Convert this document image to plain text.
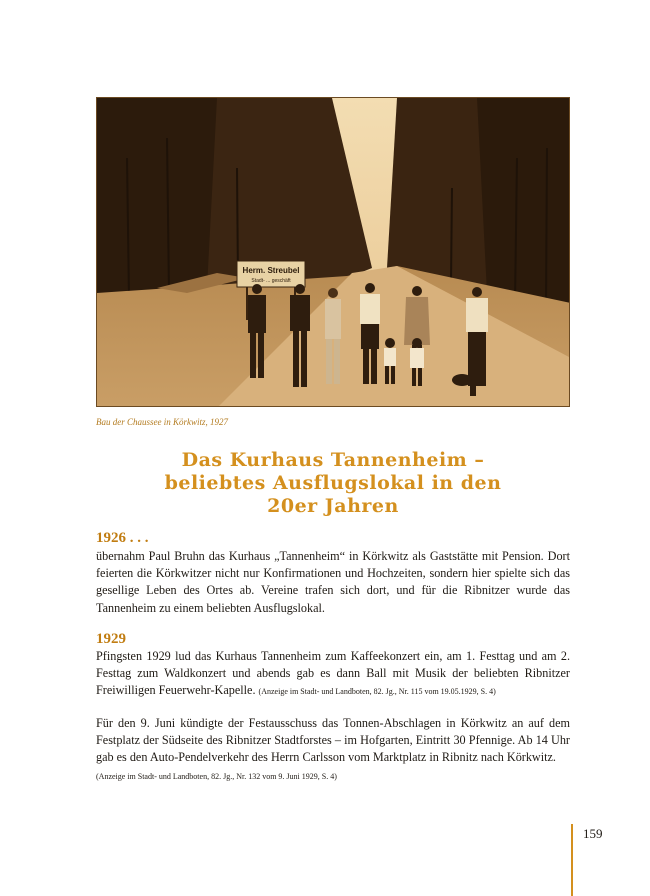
Herm. Streubel
Stadt- ... geschäft
Bau der Chaussee in Körkwitz, 1927
Das Kurhaus Tannenheim –
beliebtes Ausflugslokal in den
20er Jahren
1926 . . .
übernahm Paul Bruhn das Kurhaus „Tannenheim“ in Körkwitz als Gaststätte mit Pension. Dort feierten die Körkwitzer nicht nur Konfirmationen und Hochzeiten, sondern hier spielte sich das gesellige Leben des Ortes ab. Vereine trafen sich dort, und für die Ribnitzer wurde das Tannenheim zu einem beliebten Ausflugslokal.
1929
Pfingsten 1929 lud das Kurhaus Tannenheim zum Kaffeekonzert ein, am 1. Festtag und am 2. Festtag zum Waldkonzert und abends gab es dann Ball mit Musik der beliebten Ribnitzer Freiwilligen Feuerwehr-Kapelle. (Anzeige im Stadt- und Landboten, 82. Jg., Nr. 115 vom 19.05.1929, S. 4)
Für den 9. Juni kündigte der Festausschuss das Tonnen-Abschlagen in Körkwitz an auf dem Festplatz der Südseite des Ribnitzer Stadtforstes – im Hofgarten, Eintritt 30 Pfennige. Ab 14 Uhr gab es den Auto-Pendelverkehr des Herrn Carlsson vom Marktplatz in Ribnitz nach Körkwitz.
(Anzeige im Stadt- und Landboten, 82. Jg., Nr. 132 vom 9. Juni 1929, S. 4)
159
